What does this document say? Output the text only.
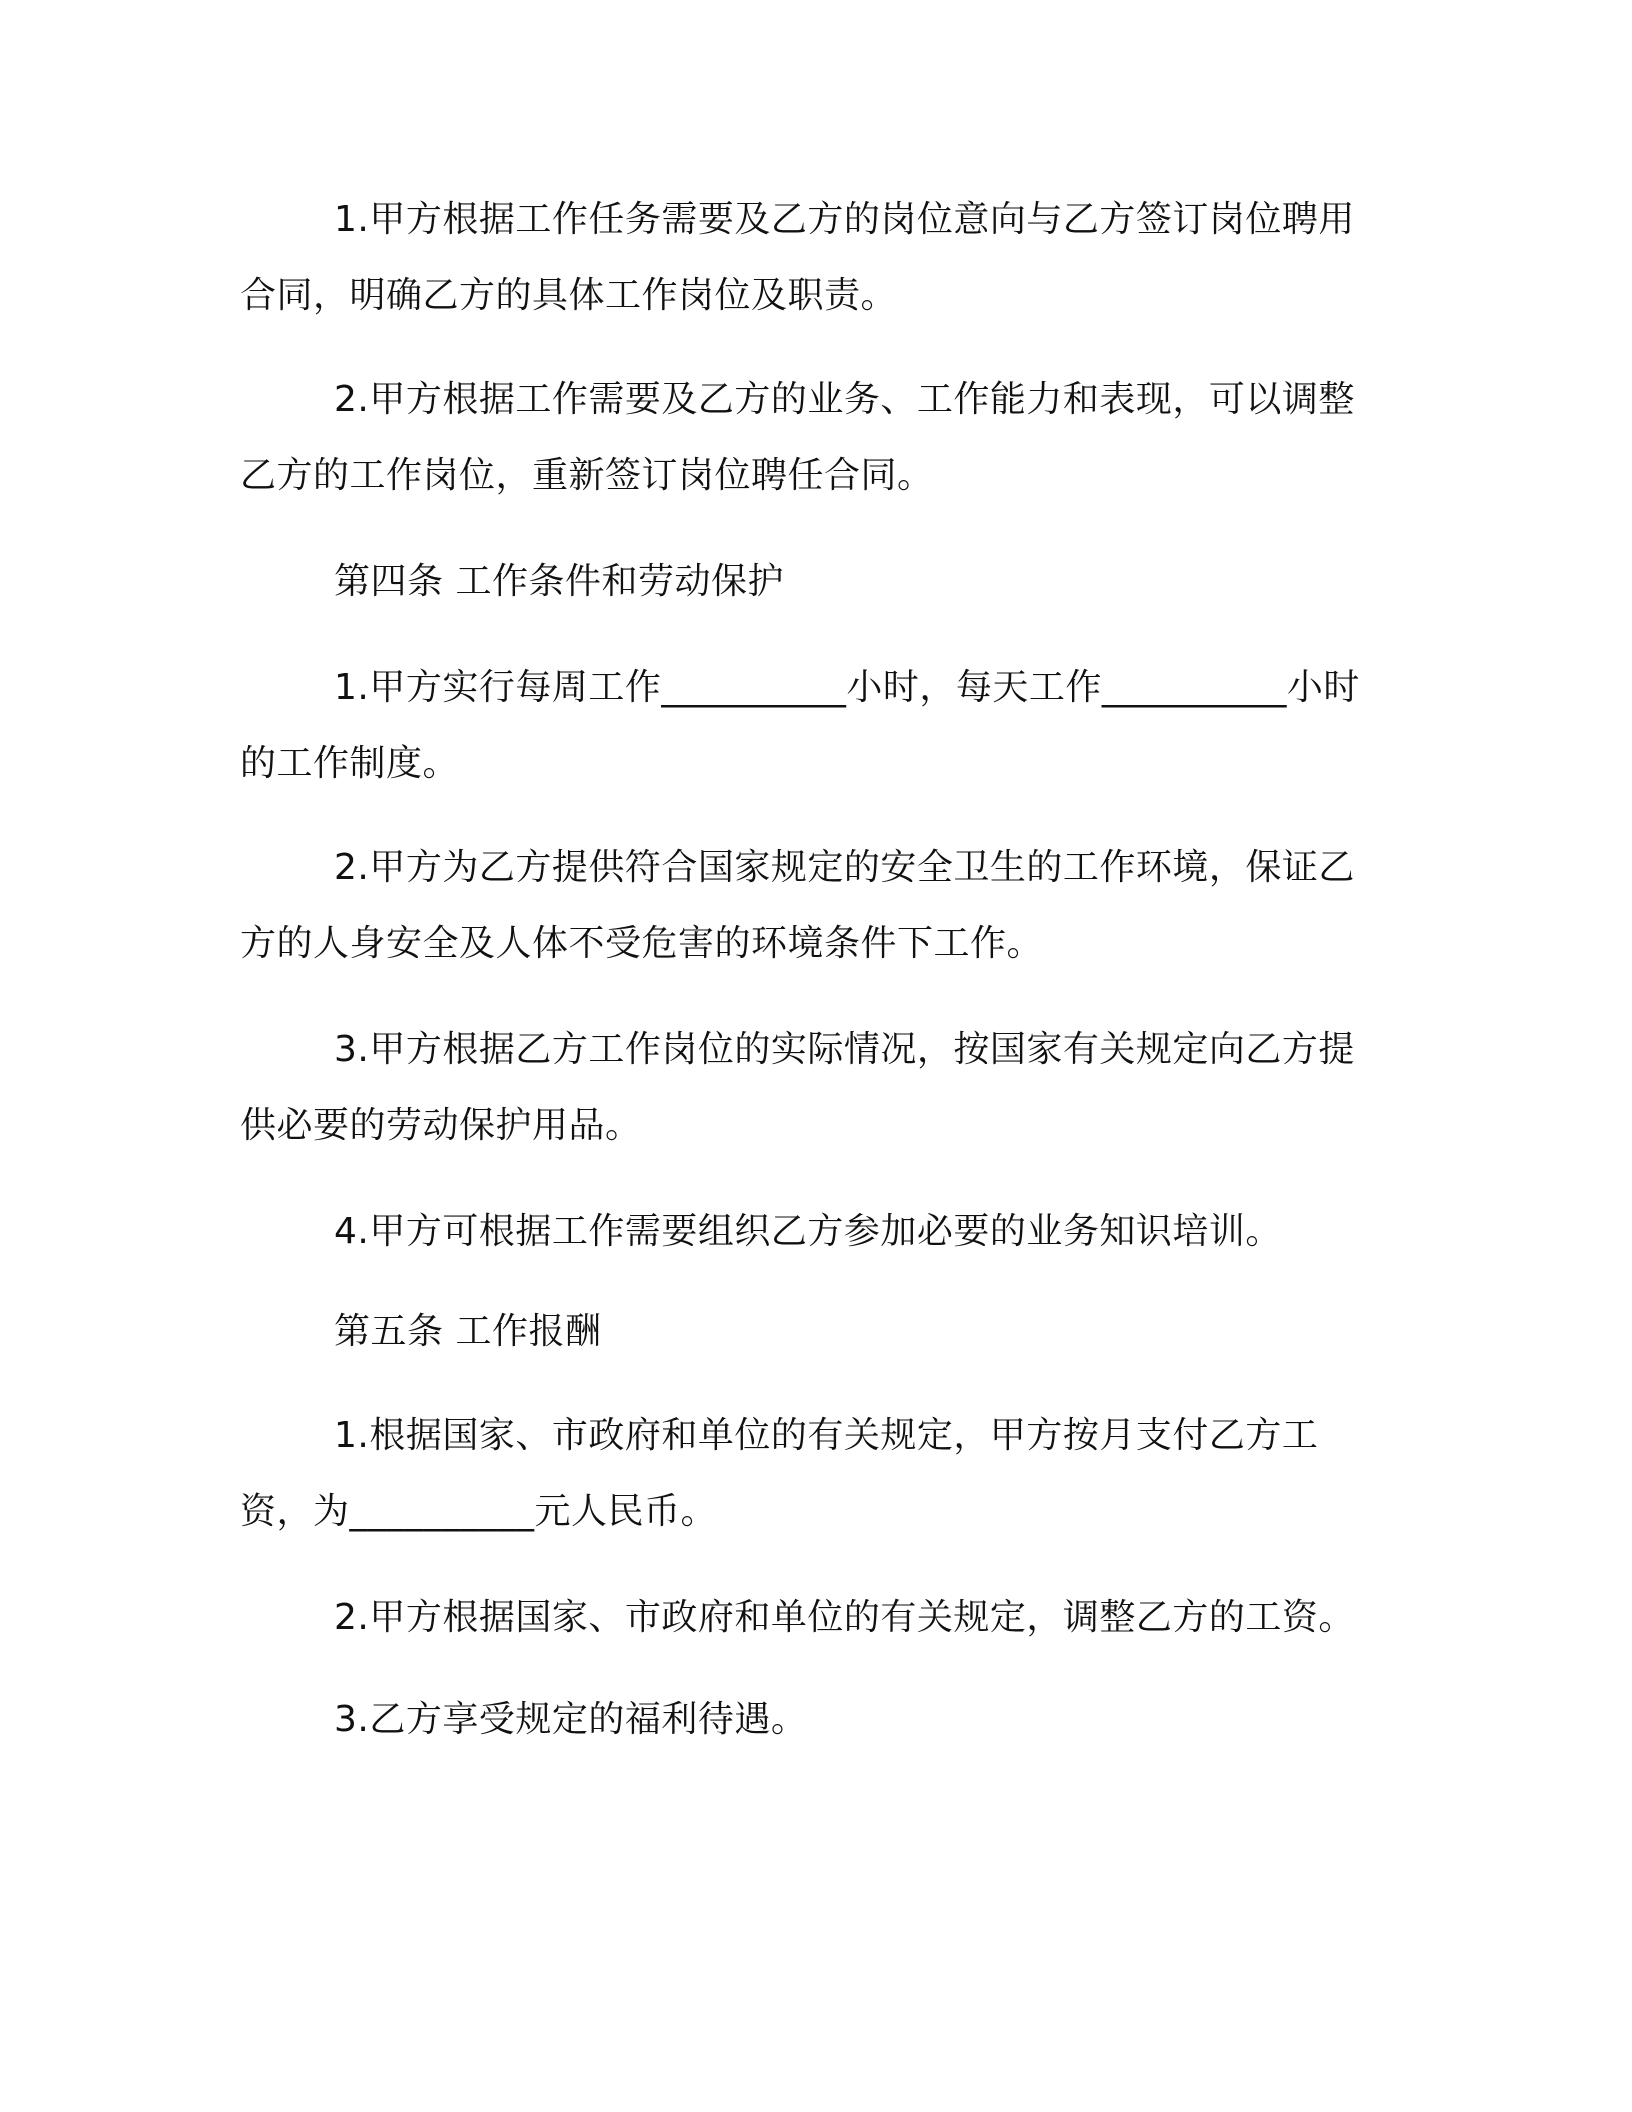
1.甲方根据工作任务需要及乙方的岗位意向与乙方签订岗位聘用合同，明确乙方的具体工作岗位及职责。

2.甲方根据工作需要及乙方的业务、工作能力和表现，可以调整乙方的工作岗位，重新签订岗位聘任合同。

第四条 工作条件和劳动保护

1.甲方实行每周工作__________小时，每天工作__________小时的工作制度。

2.甲方为乙方提供符合国家规定的安全卫生的工作环境，保证乙方的人身安全及人体不受危害的环境条件下工作。

3.甲方根据乙方工作岗位的实际情况，按国家有关规定向乙方提供必要的劳动保护用品。

4.甲方可根据工作需要组织乙方参加必要的业务知识培训。

第五条 工作报酬

1.根据国家、市政府和单位的有关规定，甲方按月支付乙方工资，为__________元人民币。

2.甲方根据国家、市政府和单位的有关规定，调整乙方的工资。

3.乙方享受规定的福利待遇。
